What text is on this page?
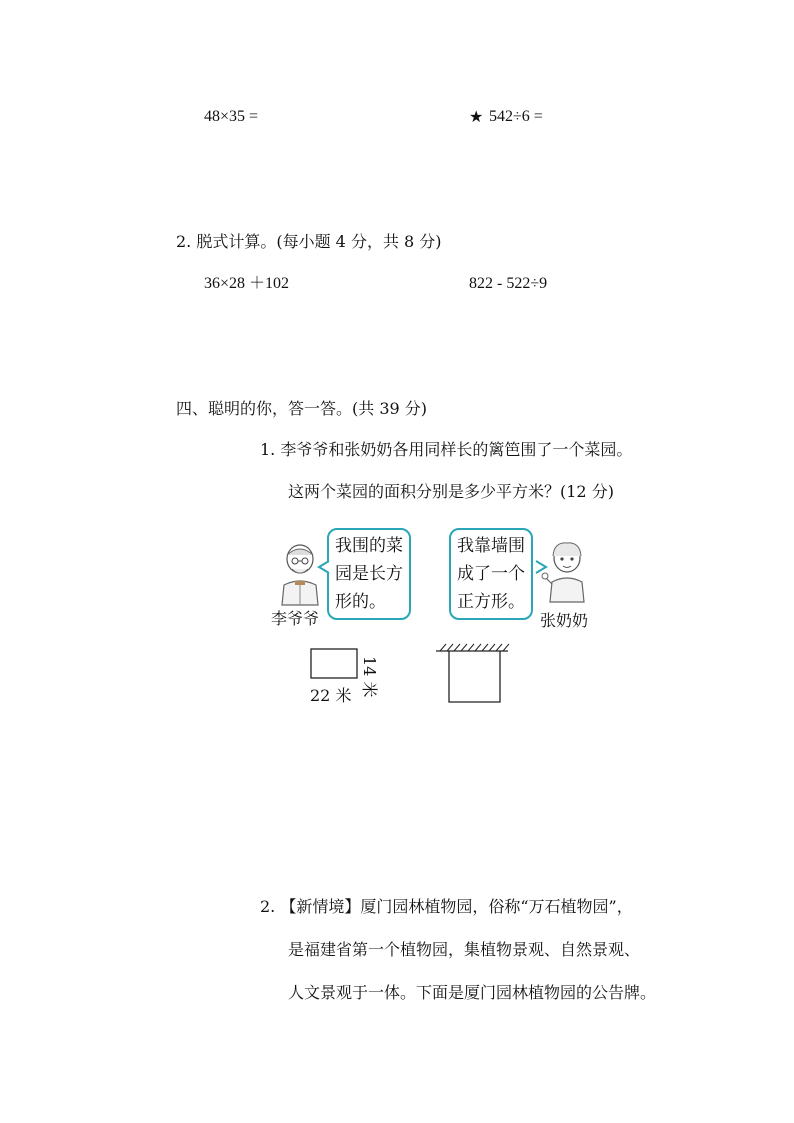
48×35 =	★ 542÷6 =
2. 脱式计算。(每小题 4 分，共 8 分)
36×28 ＋102	822 - 522÷9
四、聪明的你，答一答。(共 39 分)
1. 李爷爷和张奶奶各用同样长的篱笆围了一个菜园。
这两个菜园的面积分别是多少平方米？(12 分)
我围的菜
园是长方
形的。
李爷爷
我靠墙围
成了一个
正方形。
张奶奶
22 米 14 米
2. 【新情境】厦门园林植物园，俗称“万石植物园”，
是福建省第一个植物园，集植物景观、自然景观、
人文景观于一体。下面是厦门园林植物园的公告牌。
